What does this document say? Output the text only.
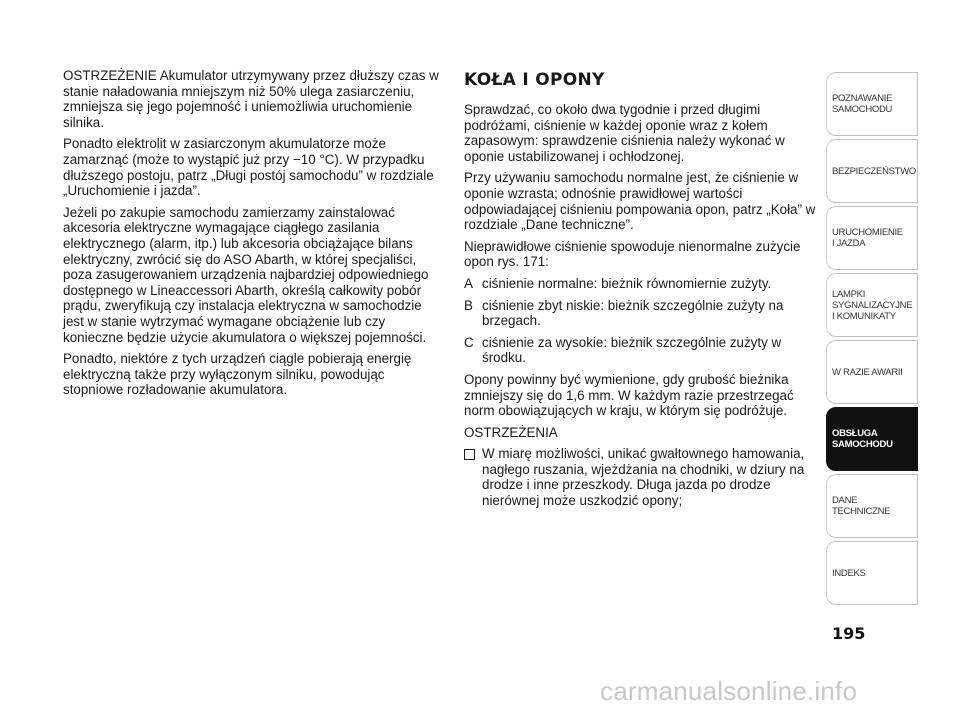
OSTRZEŻENIE Akumulator utrzymywany przez dłuższy czas w stanie naładowania mniejszym niż 50% ulega zasiarczeniu, zmniejsza się jego pojemność i uniemożliwia uruchomienie silnika.

Ponadto elektrolit w zasiarczonym akumulatorze może zamarznąć (może to wystąpić już przy −10 °C). W przypadku dłuższego postoju, patrz „Długi postój samochodu” w rozdziale „Uruchomienie i jazda”.

Jeżeli po zakupie samochodu zamierzamy zainstalować akcesoria elektryczne wymagające ciągłego zasilania elektrycznego (alarm, itp.) lub akcesoria obciążające bilans elektryczny, zwrócić się do ASO Abarth, w której specjaliści, poza zasugerowaniem urządzenia najbardziej odpowiedniego dostępnego w Lineaccessori Abarth, określą całkowity pobór prądu, zweryfikują czy instalacja elektryczna w samochodzie jest w stanie wytrzymać wymagane obciążenie lub czy konieczne będzie użycie akumulatora o większej pojemności.

Ponadto, niektóre z tych urządzeń ciągle pobierają energię elektryczną także przy wyłączonym silniku, powodując stopniowe rozładowanie akumulatora.

KOŁA I OPONY

Sprawdzać, co około dwa tygodnie i przed długimi podróżami, ciśnienie w każdej oponie wraz z kołem zapasowym: sprawdzenie ciśnienia należy wykonać w oponie ustabilizowanej i ochłodzonej.

Przy używaniu samochodu normalne jest, że ciśnienie w oponie wzrasta; odnośnie prawidłowej wartości odpowiadającej ciśnieniu pompowania opon, patrz „Koła” w rozdziale „Dane techniczne”.

Nieprawidłowe ciśnienie spowoduje nienormalne zużycie opon rys. 171:

A ciśnienie normalne: bieżnik równomiernie zużyty.
B ciśnienie zbyt niskie: bieżnik szczególnie zużyty na brzegach.
C ciśnienie za wysokie: bieżnik szczególnie zużyty w środku.

Opony powinny być wymienione, gdy grubość bieżnika zmniejszy się do 1,6 mm. W każdym razie przestrzegać norm obowiązujących w kraju, w którym się podróżuje.

OSTRZEŻENIA

W miarę możliwości, unikać gwałtownego hamowania, nagłego ruszania, wjeżdżania na chodniki, w dziury na drodze i inne przeszkody. Długa jazda po drodze nierównej może uszkodzić opony;
POZNAWANIE
SAMOCHODU
BEZPIECZEŃSTWO
URUCHOMIENIE
I JAZDA
LAMPKI
SYGNALIZACYJNE
I KOMUNIKATY
W RAZIE AWARII
OBSŁUGA
SAMOCHODU
DANE
TECHNICZNE
INDEKS
195
carmanualsonline.info
